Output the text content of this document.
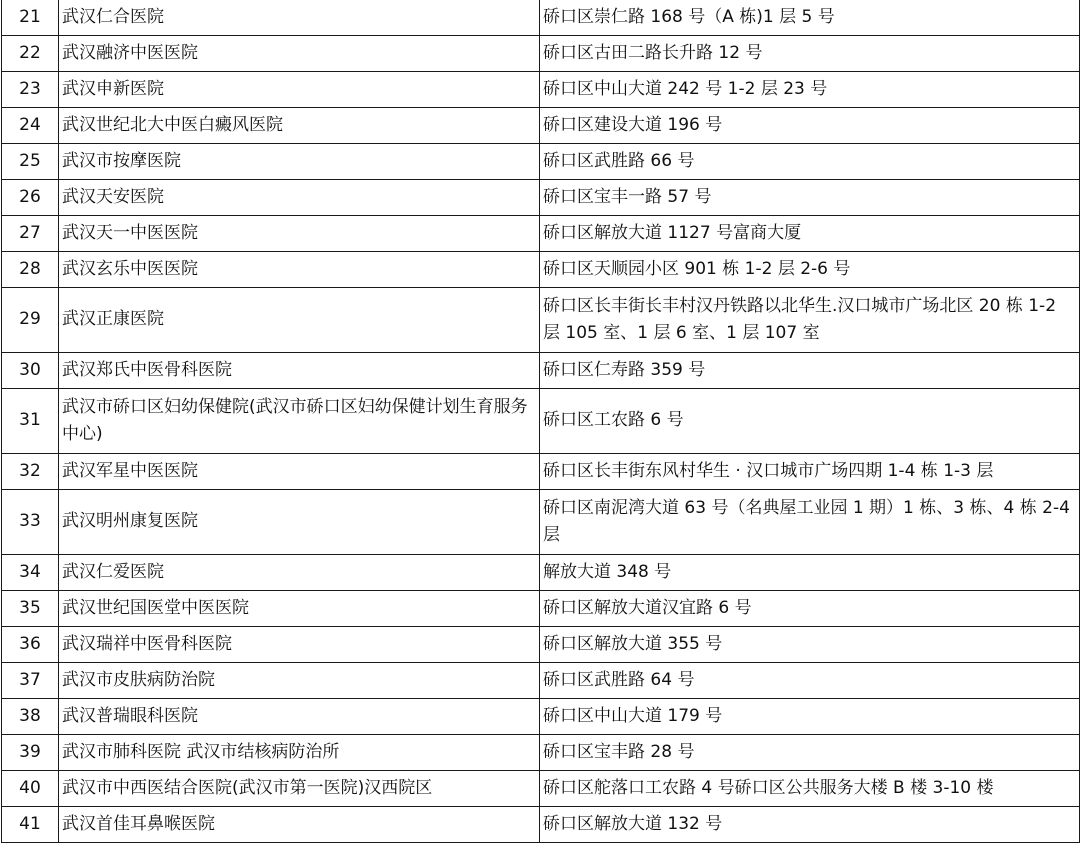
21	武汉仁合医院	硚口区崇仁路 168 号（A 栋)1 层 5 号
22	武汉融济中医医院	硚口区古田二路长升路 12 号
23	武汉申新医院	硚口区中山大道 242 号 1-2 层 23 号
24	武汉世纪北大中医白癜风医院	硚口区建设大道 196 号
25	武汉市按摩医院	硚口区武胜路 66 号
26	武汉天安医院	硚口区宝丰一路 57 号
27	武汉天一中医医院	硚口区解放大道 1127 号富商大厦
28	武汉玄乐中医医院	硚口区天顺园小区 901 栋 1-2 层 2-6 号
29	武汉正康医院	硚口区长丰街长丰村汉丹铁路以北华生.汉口城市广场北区 20 栋 1-2 层 105 室、1 层 6 室、1 层 107 室
30	武汉郑氏中医骨科医院	硚口区仁寿路 359 号
31	武汉市硚口区妇幼保健院(武汉市硚口区妇幼保健计划生育服务中心)	硚口区工农路 6 号
32	武汉军星中医医院	硚口区长丰街东风村华生 · 汉口城市广场四期 1-4 栋 1-3 层
33	武汉明州康复医院	硚口区南泥湾大道 63 号（名典屋工业园 1 期）1 栋、3 栋、4 栋 2-4 层
34	武汉仁爱医院	解放大道 348 号
35	武汉世纪国医堂中医医院	硚口区解放大道汉宜路 6 号
36	武汉瑞祥中医骨科医院	硚口区解放大道 355 号
37	武汉市皮肤病防治院	硚口区武胜路 64 号
38	武汉普瑞眼科医院	硚口区中山大道 179 号
39	武汉市肺科医院 武汉市结核病防治所	硚口区宝丰路 28 号
40	武汉市中西医结合医院(武汉市第一医院)汉西院区	硚口区舵落口工农路 4 号硚口区公共服务大楼 B 楼 3-10 楼
41	武汉首佳耳鼻喉医院	硚口区解放大道 132 号
